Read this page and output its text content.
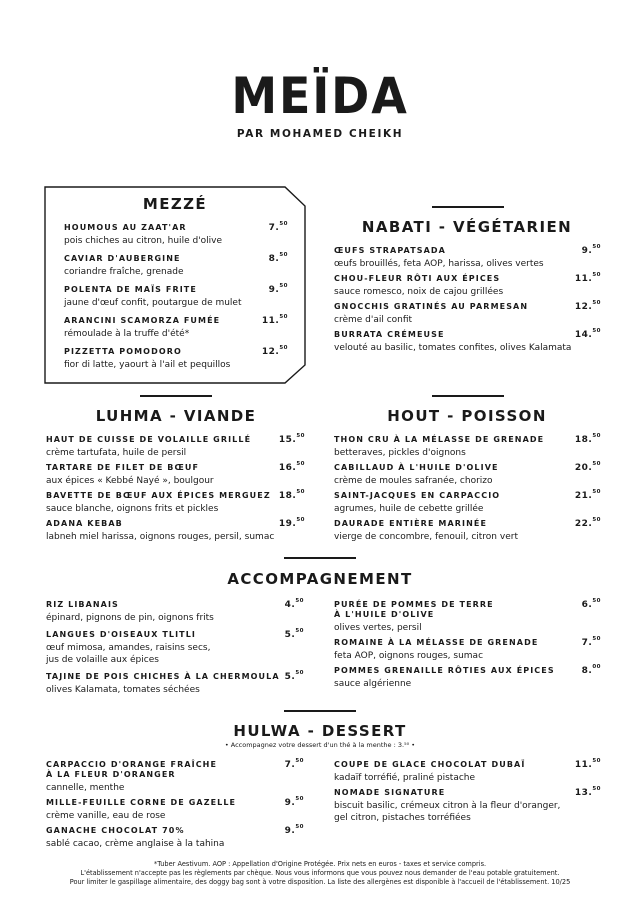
MEÏDA
PAR MOHAMED CHEIKH
MEZZÉ
HOUMOUS AU ZAAT'AR
pois chiches au citron, huile d'olive
7.50
CAVIAR D'AUBERGINE
coriandre fraîche, grenade
8.50
POLENTA DE MAÏS FRITE
jaune d'œuf confit, poutargue de mulet
9.50
ARANCINI SCAMORZA FUMÉE
rémoulade à la truffe d'été*
11.50
PIZZETTA POMODORO
fior di latte, yaourt à l'ail et pequillos
12.50
NABATI - VÉGÉTARIEN
ŒUFS STRAPATSADA
œufs brouillés, feta AOP, harissa, olives vertes
9.50
CHOU-FLEUR RÔTI AUX ÉPICES
sauce romesco, noix de cajou grillées
11.50
GNOCCHIS GRATINÉS AU PARMESAN
crème d'ail confit
12.50
BURRATA CRÉMEUSE
velouté au basilic, tomates confites, olives Kalamata
14.50
LUHMA - VIANDE
HAUT DE CUISSE DE VOLAILLE GRILLÉ
crème tartufata, huile de persil
15.50
TARTARE DE FILET DE BŒUF
aux épices « Kebbé Nayé », boulgour
16.50
BAVETTE DE BŒUF AUX ÉPICES MERGUEZ
sauce blanche, oignons frits et pickles
18.50
ADANA KEBAB
labneh miel harissa, oignons rouges, persil, sumac
19.50
HOUT - POISSON
THON CRU À LA MÉLASSE DE GRENADE
betteraves, pickles d'oignons
18.50
CABILLAUD À L'HUILE D'OLIVE
crème de moules safranée, chorizo
20.50
SAINT-JACQUES EN CARPACCIO
agrumes, huile de cebette grillée
21.50
DAURADE ENTIÈRE MARINÉE
vierge de concombre, fenouil, citron vert
22.50
ACCOMPAGNEMENT
RIZ LIBANAIS
épinard, pignons de pin, oignons frits
4.50
LANGUES D'OISEAUX TLITLI
œuf mimosa, amandes, raisins secs,
jus de volaille aux épices
5.50
TAJINE DE POIS CHICHES À LA CHERMOULA
olives Kalamata, tomates séchées
5.50
PURÉE DE POMMES DE TERRE
À L'HUILE D'OLIVE
olives vertes, persil
6.50
ROMAINE À LA MÉLASSE DE GRENADE
feta AOP, oignons rouges, sumac
7.50
POMMES GRENAILLE RÔTIES AUX ÉPICES
sauce algérienne
8.00
HULWA - DESSERT
• Accompagnez votre dessert d'un thé à la menthe : 3.⁵⁰ •
CARPACCIO D'ORANGE FRAÎCHE
À LA FLEUR D'ORANGER
cannelle, menthe
7.50
MILLE-FEUILLE CORNE DE GAZELLE
crème vanille, eau de rose
9.50
GANACHE CHOCOLAT 70%
sablé cacao, crème anglaise à la tahina
9.50
COUPE DE GLACE CHOCOLAT DUBAÏ
kadaïf torréfié, praliné pistache
11.50
NOMADE SIGNATURE
biscuit basilic, crémeux citron à la fleur d'oranger,
gel citron, pistaches torréfiées
13.50
*Tuber Aestivum. AOP : Appellation d'Origine Protégée. Prix nets en euros - taxes et service compris.
L'établissement n'accepte pas les règlements par chèque. Nous vous informons que vous pouvez nous demander de l'eau potable gratuitement.
Pour limiter le gaspillage alimentaire, des doggy bag sont à votre disposition. La liste des allergènes est disponible à l'accueil de l'établissement. 10/25
